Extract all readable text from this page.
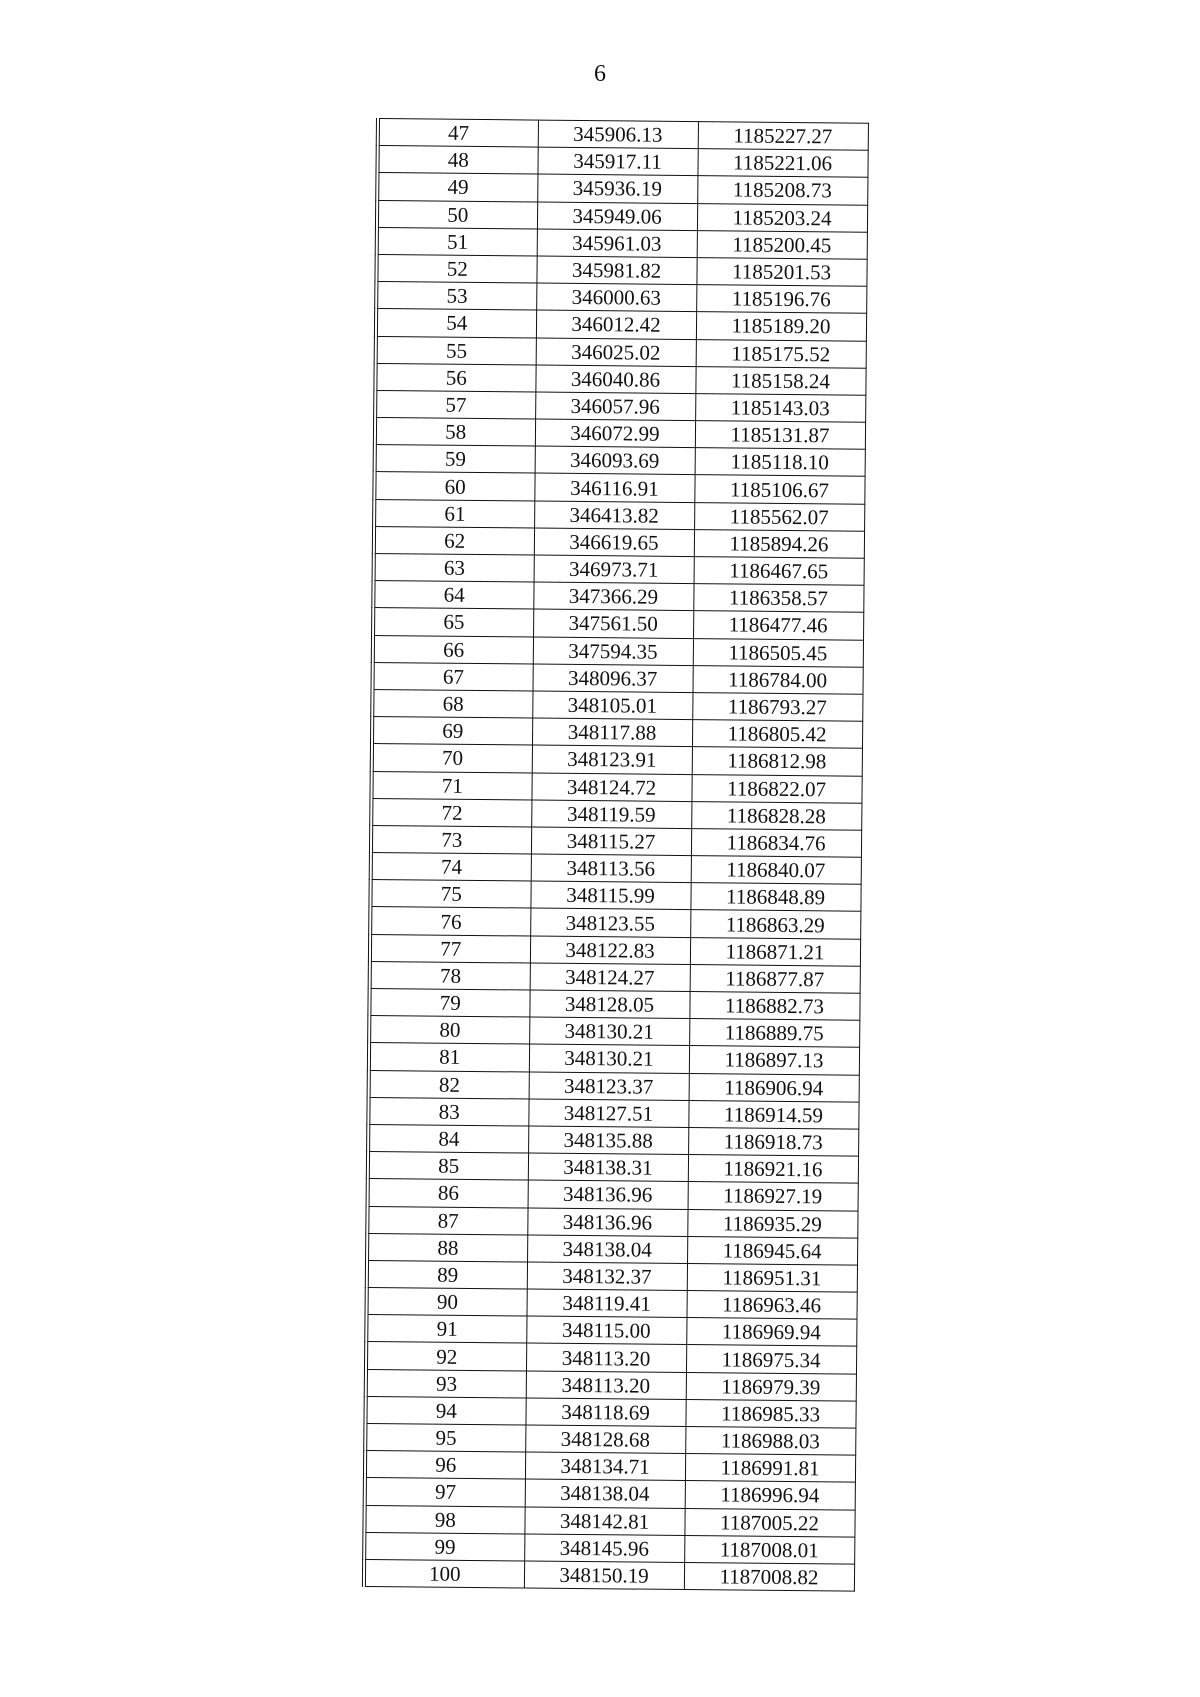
6
47	345906.13	1185227.27
48	345917.11	1185221.06
49	345936.19	1185208.73
50	345949.06	1185203.24
51	345961.03	1185200.45
52	345981.82	1185201.53
53	346000.63	1185196.76
54	346012.42	1185189.20
55	346025.02	1185175.52
56	346040.86	1185158.24
57	346057.96	1185143.03
58	346072.99	1185131.87
59	346093.69	1185118.10
60	346116.91	1185106.67
61	346413.82	1185562.07
62	346619.65	1185894.26
63	346973.71	1186467.65
64	347366.29	1186358.57
65	347561.50	1186477.46
66	347594.35	1186505.45
67	348096.37	1186784.00
68	348105.01	1186793.27
69	348117.88	1186805.42
70	348123.91	1186812.98
71	348124.72	1186822.07
72	348119.59	1186828.28
73	348115.27	1186834.76
74	348113.56	1186840.07
75	348115.99	1186848.89
76	348123.55	1186863.29
77	348122.83	1186871.21
78	348124.27	1186877.87
79	348128.05	1186882.73
80	348130.21	1186889.75
81	348130.21	1186897.13
82	348123.37	1186906.94
83	348127.51	1186914.59
84	348135.88	1186918.73
85	348138.31	1186921.16
86	348136.96	1186927.19
87	348136.96	1186935.29
88	348138.04	1186945.64
89	348132.37	1186951.31
90	348119.41	1186963.46
91	348115.00	1186969.94
92	348113.20	1186975.34
93	348113.20	1186979.39
94	348118.69	1186985.33
95	348128.68	1186988.03
96	348134.71	1186991.81
97	348138.04	1186996.94
98	348142.81	1187005.22
99	348145.96	1187008.01
100	348150.19	1187008.82
